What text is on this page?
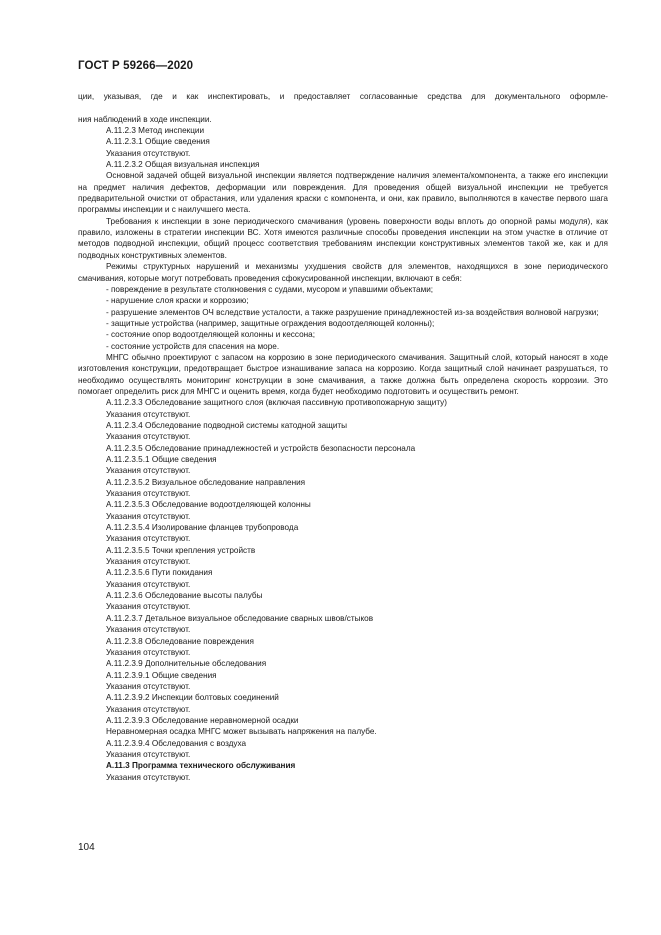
ГОСТ Р 59266—2020

ции, указывая, где и как инспектировать, и предоставляет согласованные средства для документального оформле-

ния наблюдений в ходе инспекции.

А.11.2.3 Метод инспекции

А.11.2.3.1 Общие сведения

Указания отсутствуют.

А.11.2.3.2 Общая визуальная инспекция

Основной задачей общей визуальной инспекции является подтверждение наличия элемента/компонента, а также его инспекции на предмет наличия дефектов, деформации или повреждения. Для проведения общей визуальной инспекции не требуется предварительной очистки от обрастания, или удаления краски с компонента, и они, как правило, выполняются в качестве первого шага программы инспекции и с наилучшего места.

Требования к инспекции в зоне периодического смачивания (уровень поверхности воды вплоть до опорной рамы модуля), как правило, изложены в стратегии инспекции ВС. Хотя имеются различные способы проведения инспекции на этом участке в отличие от методов подводной инспекции, общий процесс соответствия требованиям инспекции конструктивных элементов такой же, как и для подводных конструктивных элементов.

Режимы структурных нарушений и механизмы ухудшения свойств для элементов, находящихся в зоне периодического смачивания, которые могут потребовать проведения сфокусированной инспекции, включают в себя:

- повреждение в результате столкновения с судами, мусором и упавшими объектами;

- нарушение слоя краски и коррозию;

- разрушение элементов ОЧ вследствие усталости, а также разрушение принадлежностей из-за воздействия волновой нагрузки;

- защитные устройства (например, защитные ограждения водоотделяющей колонны);

- состояние опор водоотделяющей колонны и кессона;

- состояние устройств для спасения на море.

МНГС обычно проектируют с запасом на коррозию в зоне периодического смачивания. Защитный слой, который наносят в ходе изготовления конструкции, предотвращает быстрое изнашивание запаса на коррозию. Когда защитный слой начинает разрушаться, то необходимо осуществлять мониторинг конструкции в зоне смачивания, а также должна быть определена скорость коррозии. Это помогает определить риск для МНГС и оценить время, когда будет необходимо подготовить и осуществить ремонт.

А.11.2.3.3 Обследование защитного слоя (включая пассивную противопожарную защиту)

Указания отсутствуют.

А.11.2.3.4 Обследование подводной системы катодной защиты

Указания отсутствуют.

А.11.2.3.5 Обследование принадлежностей и устройств безопасности персонала

А.11.2.3.5.1 Общие сведения

Указания отсутствуют.

А.11.2.3.5.2 Визуальное обследование направления

Указания отсутствуют.

А.11.2.3.5.3 Обследование водоотделяющей колонны

Указания отсутствуют.

А.11.2.3.5.4 Изолирование фланцев трубопровода

Указания отсутствуют.

А.11.2.3.5.5 Точки крепления устройств

Указания отсутствуют.

А.11.2.3.5.6 Пути покидания

Указания отсутствуют.

А.11.2.3.6 Обследование высоты палубы

Указания отсутствуют.

А.11.2.3.7 Детальное визуальное обследование сварных швов/стыков

Указания отсутствуют.

А.11.2.3.8 Обследование повреждения

Указания отсутствуют.

А.11.2.3.9 Дополнительные обследования

А.11.2.3.9.1 Общие сведения

Указания отсутствуют.

А.11.2.3.9.2 Инспекции болтовых соединений

Указания отсутствуют.

А.11.2.3.9.3 Обследование неравномерной осадки

Неравномерная осадка МНГС может вызывать напряжения на палубе.

А.11.2.3.9.4 Обследования с воздуха

Указания отсутствуют.

А.11.3 Программа технического обслуживания

Указания отсутствуют.

104
